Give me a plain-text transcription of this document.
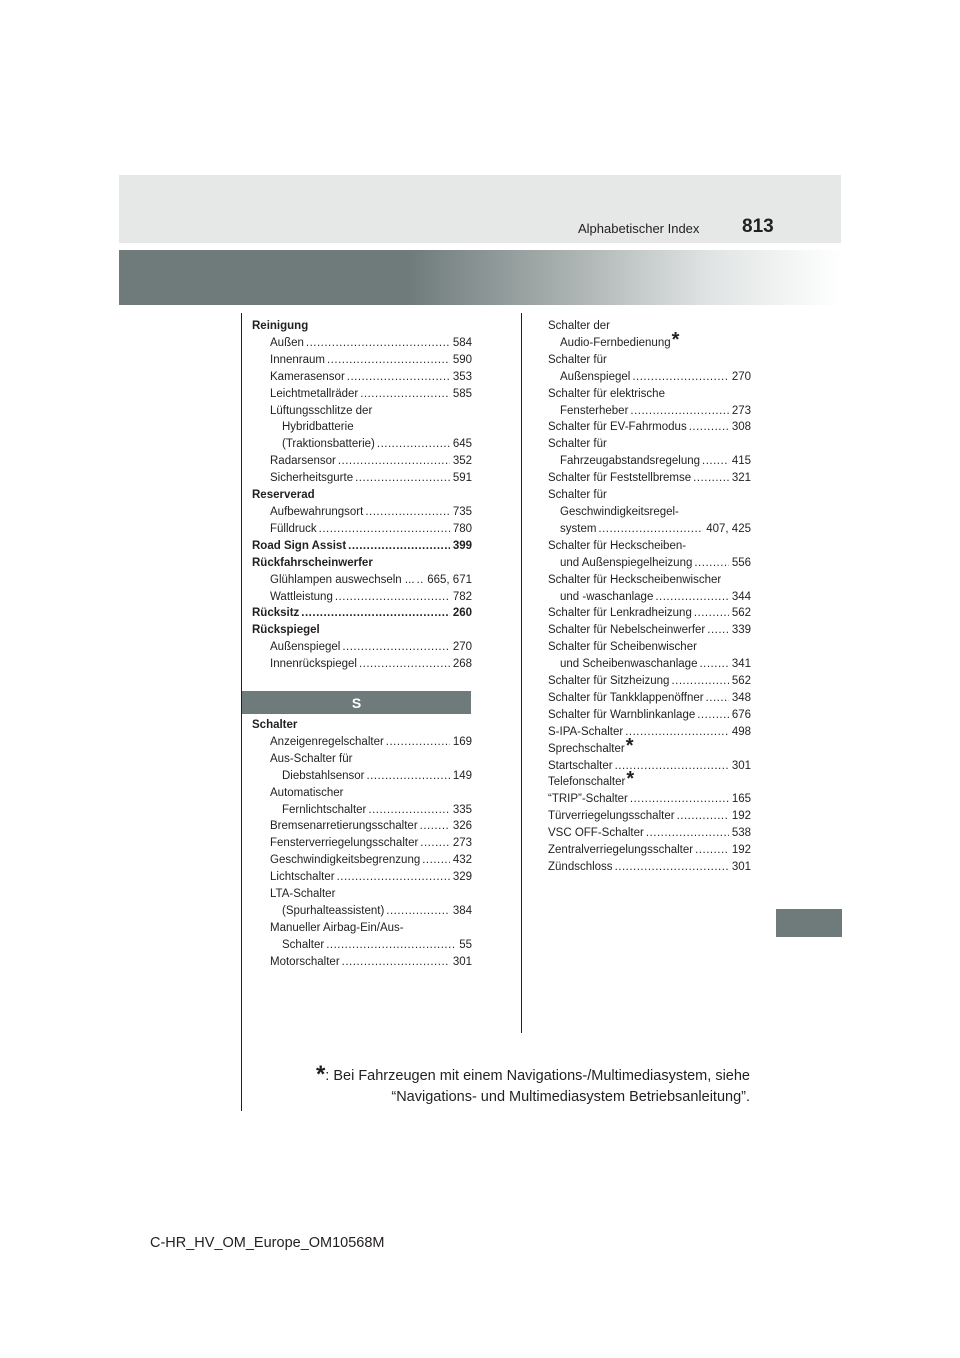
Alphabetischer Index 813
Reinigung
Außen .....	584
Innenraum .....	590
Kamerasensor .....	353
Leichtmetallräder .....	585
Lüftungsschlitze der
Hybridbatterie
(Traktionsbatterie) .....	645
Radarsensor .....	352
Sicherheitsgurte .....	591
Reserverad
Aufbewahrungsort .....	735
Fülldruck .....	780
Road Sign Assist .....	399
Rückfahrscheinwerfer
Glühlampen auswechseln ... ..... 665, 671
Wattleistung .....	782
Rücksitz .....	260
Rückspiegel
Außenspiegel .....	270
Innenrückspiegel .....	268
S
Schalter
Anzeigenregelschalter .....	169
Aus-Schalter für
Diebstahlsensor .....	149
Automatischer
Fernlichtschalter .....	335
Bremsenarretierungsschalter .....	326
Fensterverriegelungsschalter .....	273
Geschwindigkeitsbegrenzung .....	432
Lichtschalter .....	329
LTA-Schalter
(Spurhalteassistent) .....	384
Manueller Airbag-Ein/Aus-
Schalter .....	55
Motorschalter .....	301
Schalter der
Audio-Fernbedienung *
Schalter für
Außenspiegel .....	270
Schalter für elektrische
Fensterheber .....	273
Schalter für EV-Fahrmodus .....	308
Schalter für
Fahrzeugabstandsregelung .....	415
Schalter für Feststellbremse .....	321
Schalter für
Geschwindigkeitsregel-
system .....	407, 425
Schalter für Heckscheiben-
und Außenspiegelheizung .....	556
Schalter für Heckscheibenwischer
und -waschanlage .....	344
Schalter für Lenkradheizung .....	562
Schalter für Nebelscheinwerfer ..... 339
Schalter für Scheibenwischer
und Scheibenwaschanlage .....	341
Schalter für Sitzheizung .....	562
Schalter für Tankklappenöffner ..... 348
Schalter für Warnblinkanlage .....	676
S-IPA-Schalter .....	498
Sprechschalter *
Startschalter .....	301
Telefonschalter *
“TRIP”-Schalter .....	165
Türverriegelungsschalter .....	192
VSC OFF-Schalter .....	538
Zentralverriegelungsschalter .....	192
Zündschloss .....	301
*: Bei Fahrzeugen mit einem Navigations-/Multimediasystem, siehe
“Navigations- und Multimediasystem Betriebsanleitung”.
C-HR_HV_OM_Europe_OM10568M
